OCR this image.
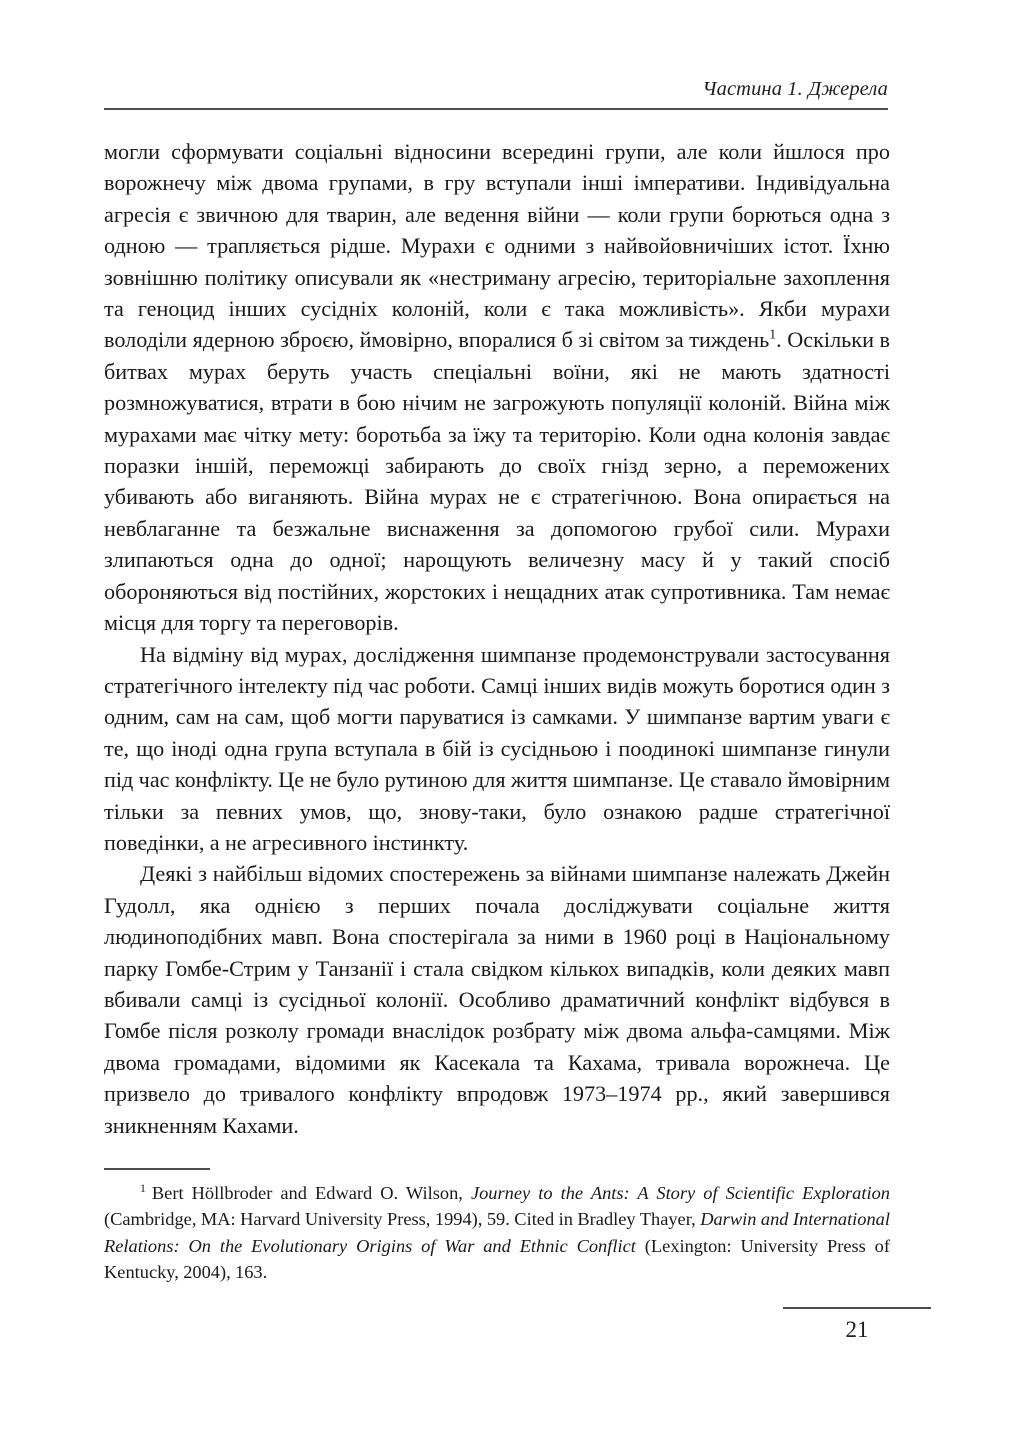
Частина 1. Джерела

могли сформувати соціальні відносини всередині групи, але коли йшлося про ворожнечу між двома групами, в гру вступали інші імперативи. Індивідуальна агресія є звичною для тварин, але ведення війни — коли групи борються одна з одною — трапляється рідше. Мурахи є одними з найвойовничіших істот. Їхню зовнішню політику описували як «нестриману агресію, територіальне захоплення та геноцид інших сусідніх колоній, коли є така можливість». Якби мурахи володіли ядерною зброєю, ймовірно, впоралися б зі світом за тиждень$^1$. Оскільки в битвах мурах беруть участь спеціальні воїни, які не мають здатності розмножуватися, втрати в бою нічим не загрожують популяції колоній. Війна між мурахами має чітку мету: боротьба за їжу та територію. Коли одна колонія завдає поразки іншій, переможці забирають до своїх гнізд зерно, а переможених убивають або виганяють. Війна мурах не є стратегічною. Вона опирається на невблаганне та безжальне виснаження за допомогою грубої сили. Мурахи злипаються одна до одної; нарощують величезну масу й у такий спосіб обороняються від постійних, жорстоких і нещадних атак супротивника. Там немає місця для торгу та переговорів.

На відміну від мурах, дослідження шимпанзе продемонстрували застосування стратегічного інтелекту під час роботи. Самці інших видів можуть боротися один з одним, сам на сам, щоб могти паруватися із самками. У шимпанзе вартим уваги є те, що іноді одна група вступала в бій із сусідньою і поодинокі шимпанзе гинули під час конфлікту. Це не було рутиною для життя шимпанзе. Це ставало ймовірним тільки за певних умов, що, знову-таки, було ознакою радше стратегічної поведінки, а не агресивного інстинкту.

Деякі з найбільш відомих спостережень за війнами шимпанзе належать Джейн Гудолл, яка однією з перших почала досліджувати соціальне життя людиноподібних мавп. Вона спостерігала за ними в 1960 році в Національному парку Гомбе-Стрим у Танзанії і стала свідком кількох випадків, коли деяких мавп вбивали самці із сусідньої колонії. Особливо драматичний конфлікт відбувся в Гомбе після розколу громади внаслідок розбрату між двома альфа-самцями. Між двома громадами, відомими як Касекала та Кахама, тривала ворожнеча. Це призвело до тривалого конфлікту впродовж 1973–1974 рр., який завершився зникненням Кахами.

$^1$ Bert Höllbroder and Edward O. Wilson, Journey to the Ants: A Story of Scientific Exploration (Cambridge, MA: Harvard University Press, 1994), 59. Cited in Bradley Thayer, Darwin and International Relations: On the Evolutionary Origins of War and Ethnic Conflict (Lexington: University Press of Kentucky, 2004), 163.

21
